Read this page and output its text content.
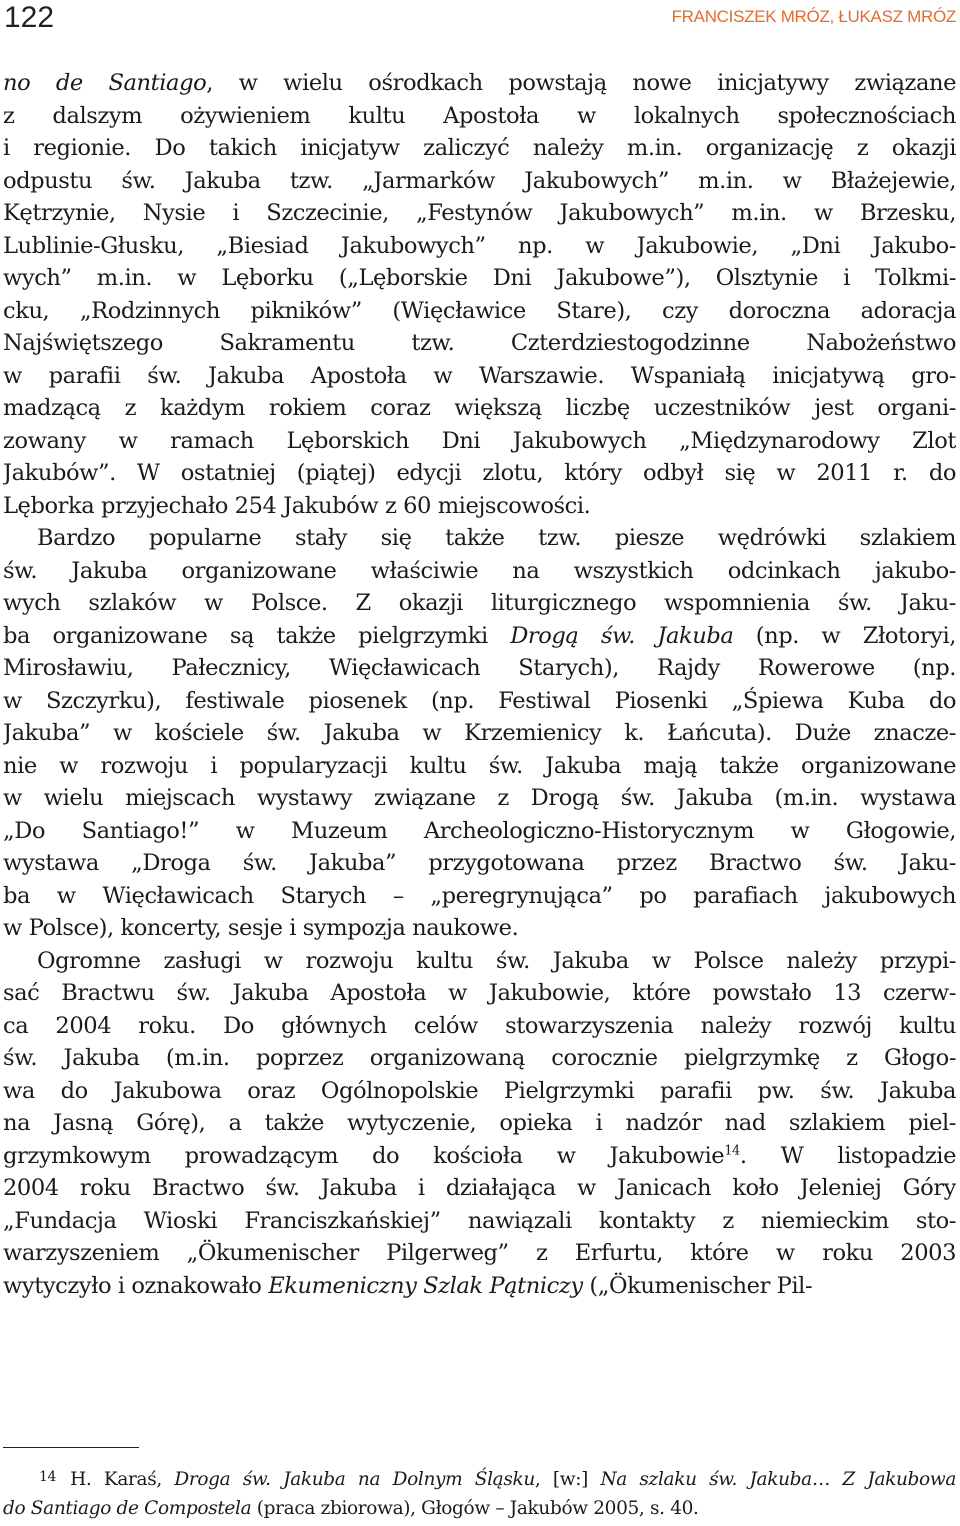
122	FRANCISZEK MRÓZ, ŁUKASZ MRÓZ
no de Santiago, w wielu ośrodkach powstają nowe inicjatywy związane
z dalszym ożywieniem kultu Apostoła w lokalnych społecznościach
i regionie. Do takich inicjatyw zaliczyć należy m.in. organizację z okazji
odpustu św. Jakuba tzw. „Jarmarków Jakubowych” m.in. w Błażejewie,
Kętrzynie, Nysie i Szczecinie, „Festynów Jakubowych” m.in. w Brzesku,
Lublinie-Głusku, „Biesiad Jakubowych” np. w Jakubowie, „Dni Jakubo-
wych” m.in. w Lęborku („Lęborskie Dni Jakubowe”), Olsztynie i Tolkmi-
cku, „Rodzinnych pikników” (Więcławice Stare), czy doroczna adoracja
Najświętszego Sakramentu tzw. Czterdziestogodzinne Nabożeństwo
w parafii św. Jakuba Apostoła w Warszawie. Wspaniałą inicjatywą gro-
madzącą z każdym rokiem coraz większą liczbę uczestników jest organi-
zowany w ramach Lęborskich Dni Jakubowych „Międzynarodowy Zlot
Jakubów”. W ostatniej (piątej) edycji zlotu, który odbył się w 2011 r. do
Lęborka przyjechało 254 Jakubów z 60 miejscowości.
Bardzo popularne stały się także tzw. piesze wędrówki szlakiem
św. Jakuba organizowane właściwie na wszystkich odcinkach jakubo-
wych szlaków w Polsce. Z okazji liturgicznego wspomnienia św. Jaku-
ba organizowane są także pielgrzymki Drogą św. Jakuba (np. w Złotoryi,
Mirosławiu, Pałecznicy, Więcławicach Starych), Rajdy Rowerowe (np.
w Szczyrku), festiwale piosenek (np. Festiwal Piosenki „Śpiewa Kuba do
Jakuba” w kościele św. Jakuba w Krzemienicy k. Łańcuta). Duże znacze-
nie w rozwoju i popularyzacji kultu św. Jakuba mają także organizowane
w wielu miejscach wystawy związane z Drogą św. Jakuba (m.in. wystawa
„Do Santiago!” w Muzeum Archeologiczno-Historycznym w Głogowie,
wystawa „Droga św. Jakuba” przygotowana przez Bractwo św. Jaku-
ba w Więcławicach Starych – „peregrynująca” po parafiach jakubowych
w Polsce), koncerty, sesje i sympozja naukowe.
Ogromne zasługi w rozwoju kultu św. Jakuba w Polsce należy przypi-
sać Bractwu św. Jakuba Apostoła w Jakubowie, które powstało 13 czerw-
ca 2004 roku. Do głównych celów stowarzyszenia należy rozwój kultu
św. Jakuba (m.in. poprzez organizowaną corocznie pielgrzymkę z Głogo-
wa do Jakubowa oraz Ogólnopolskie Pielgrzymki parafii pw. św. Jakuba
na Jasną Górę), a także wytyczenie, opieka i nadzór nad szlakiem piel-
grzymkowym prowadzącym do kościoła w Jakubowie$^{14}$. W listopadzie
2004 roku Bractwo św. Jakuba i działająca w Janicach koło Jeleniej Góry
„Fundacja Wioski Franciszkańskiej” nawiązali kontakty z niemieckim sto-
warzyszeniem „Ökumenischer Pilgerweg” z Erfurtu, które w roku 2003
wytyczyło i oznakowało Ekumeniczny Szlak Pątniczy („Ökumenischer Pil-
$^{14}$ H. Karaś, Droga św. Jakuba na Dolnym Śląsku, [w:] Na szlaku św. Jakuba… Z Jakubowa
do Santiago de Compostela (praca zbiorowa), Głogów – Jakubów 2005, s. 40.
